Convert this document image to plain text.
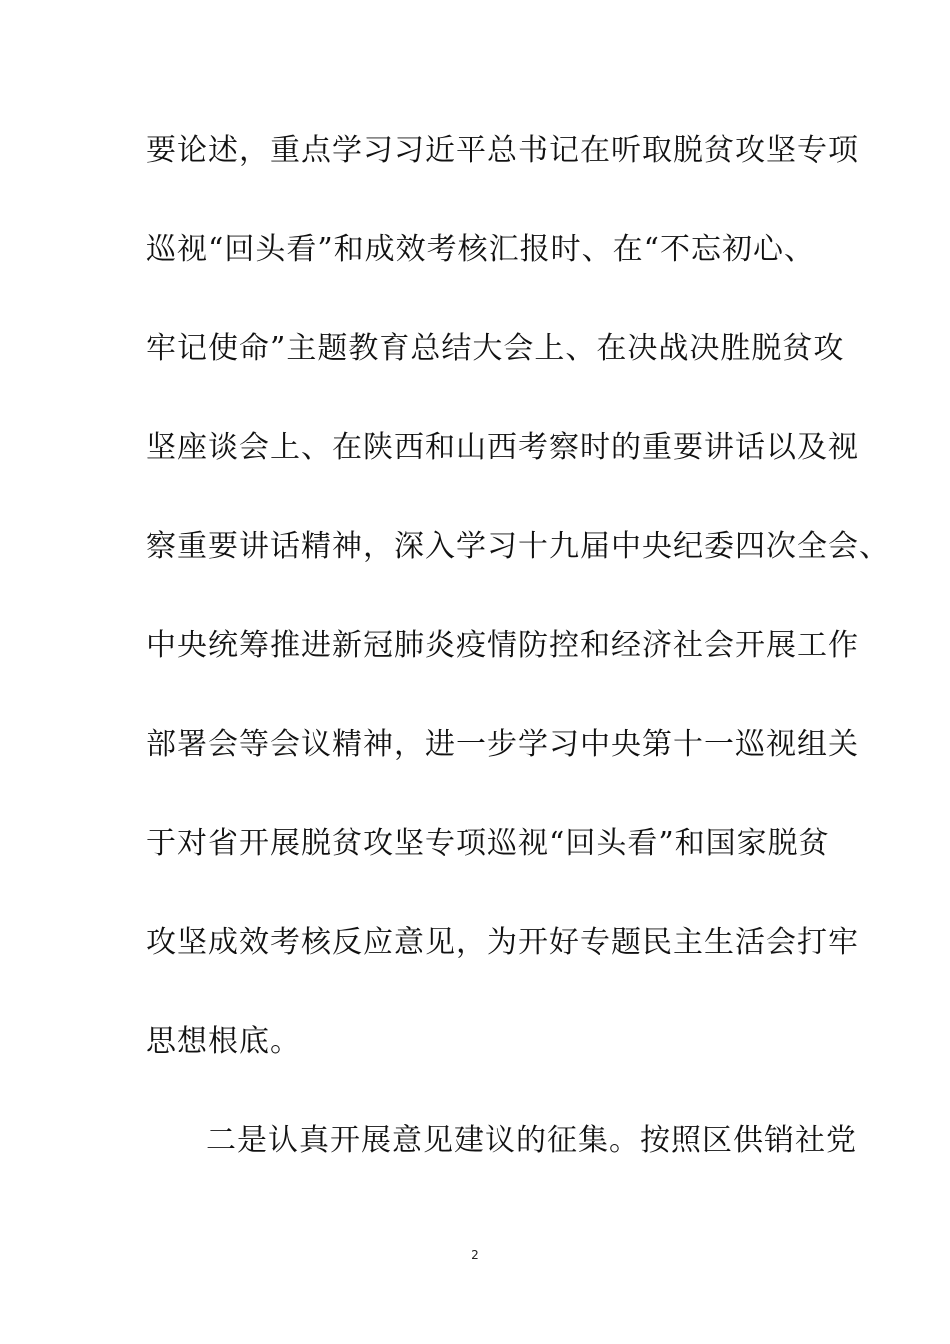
要论述，重点学习习近平总书记在听取脱贫攻坚专项
巡视“回头看”和成效考核汇报时、在“不忘初心、
牢记使命”主题教育总结大会上、在决战决胜脱贫攻
坚座谈会上、在陕西和山西考察时的重要讲话以及视
察重要讲话精神，深入学习十九届中央纪委四次全会、
中央统筹推进新冠肺炎疫情防控和经济社会开展工作
部署会等会议精神，进一步学习中央第十一巡视组关
于对省开展脱贫攻坚专项巡视“回头看”和国家脱贫
攻坚成效考核反应意见，为开好专题民主生活会打牢
思想根底。
二是认真开展意见建议的征集。按照区供销社党
2
